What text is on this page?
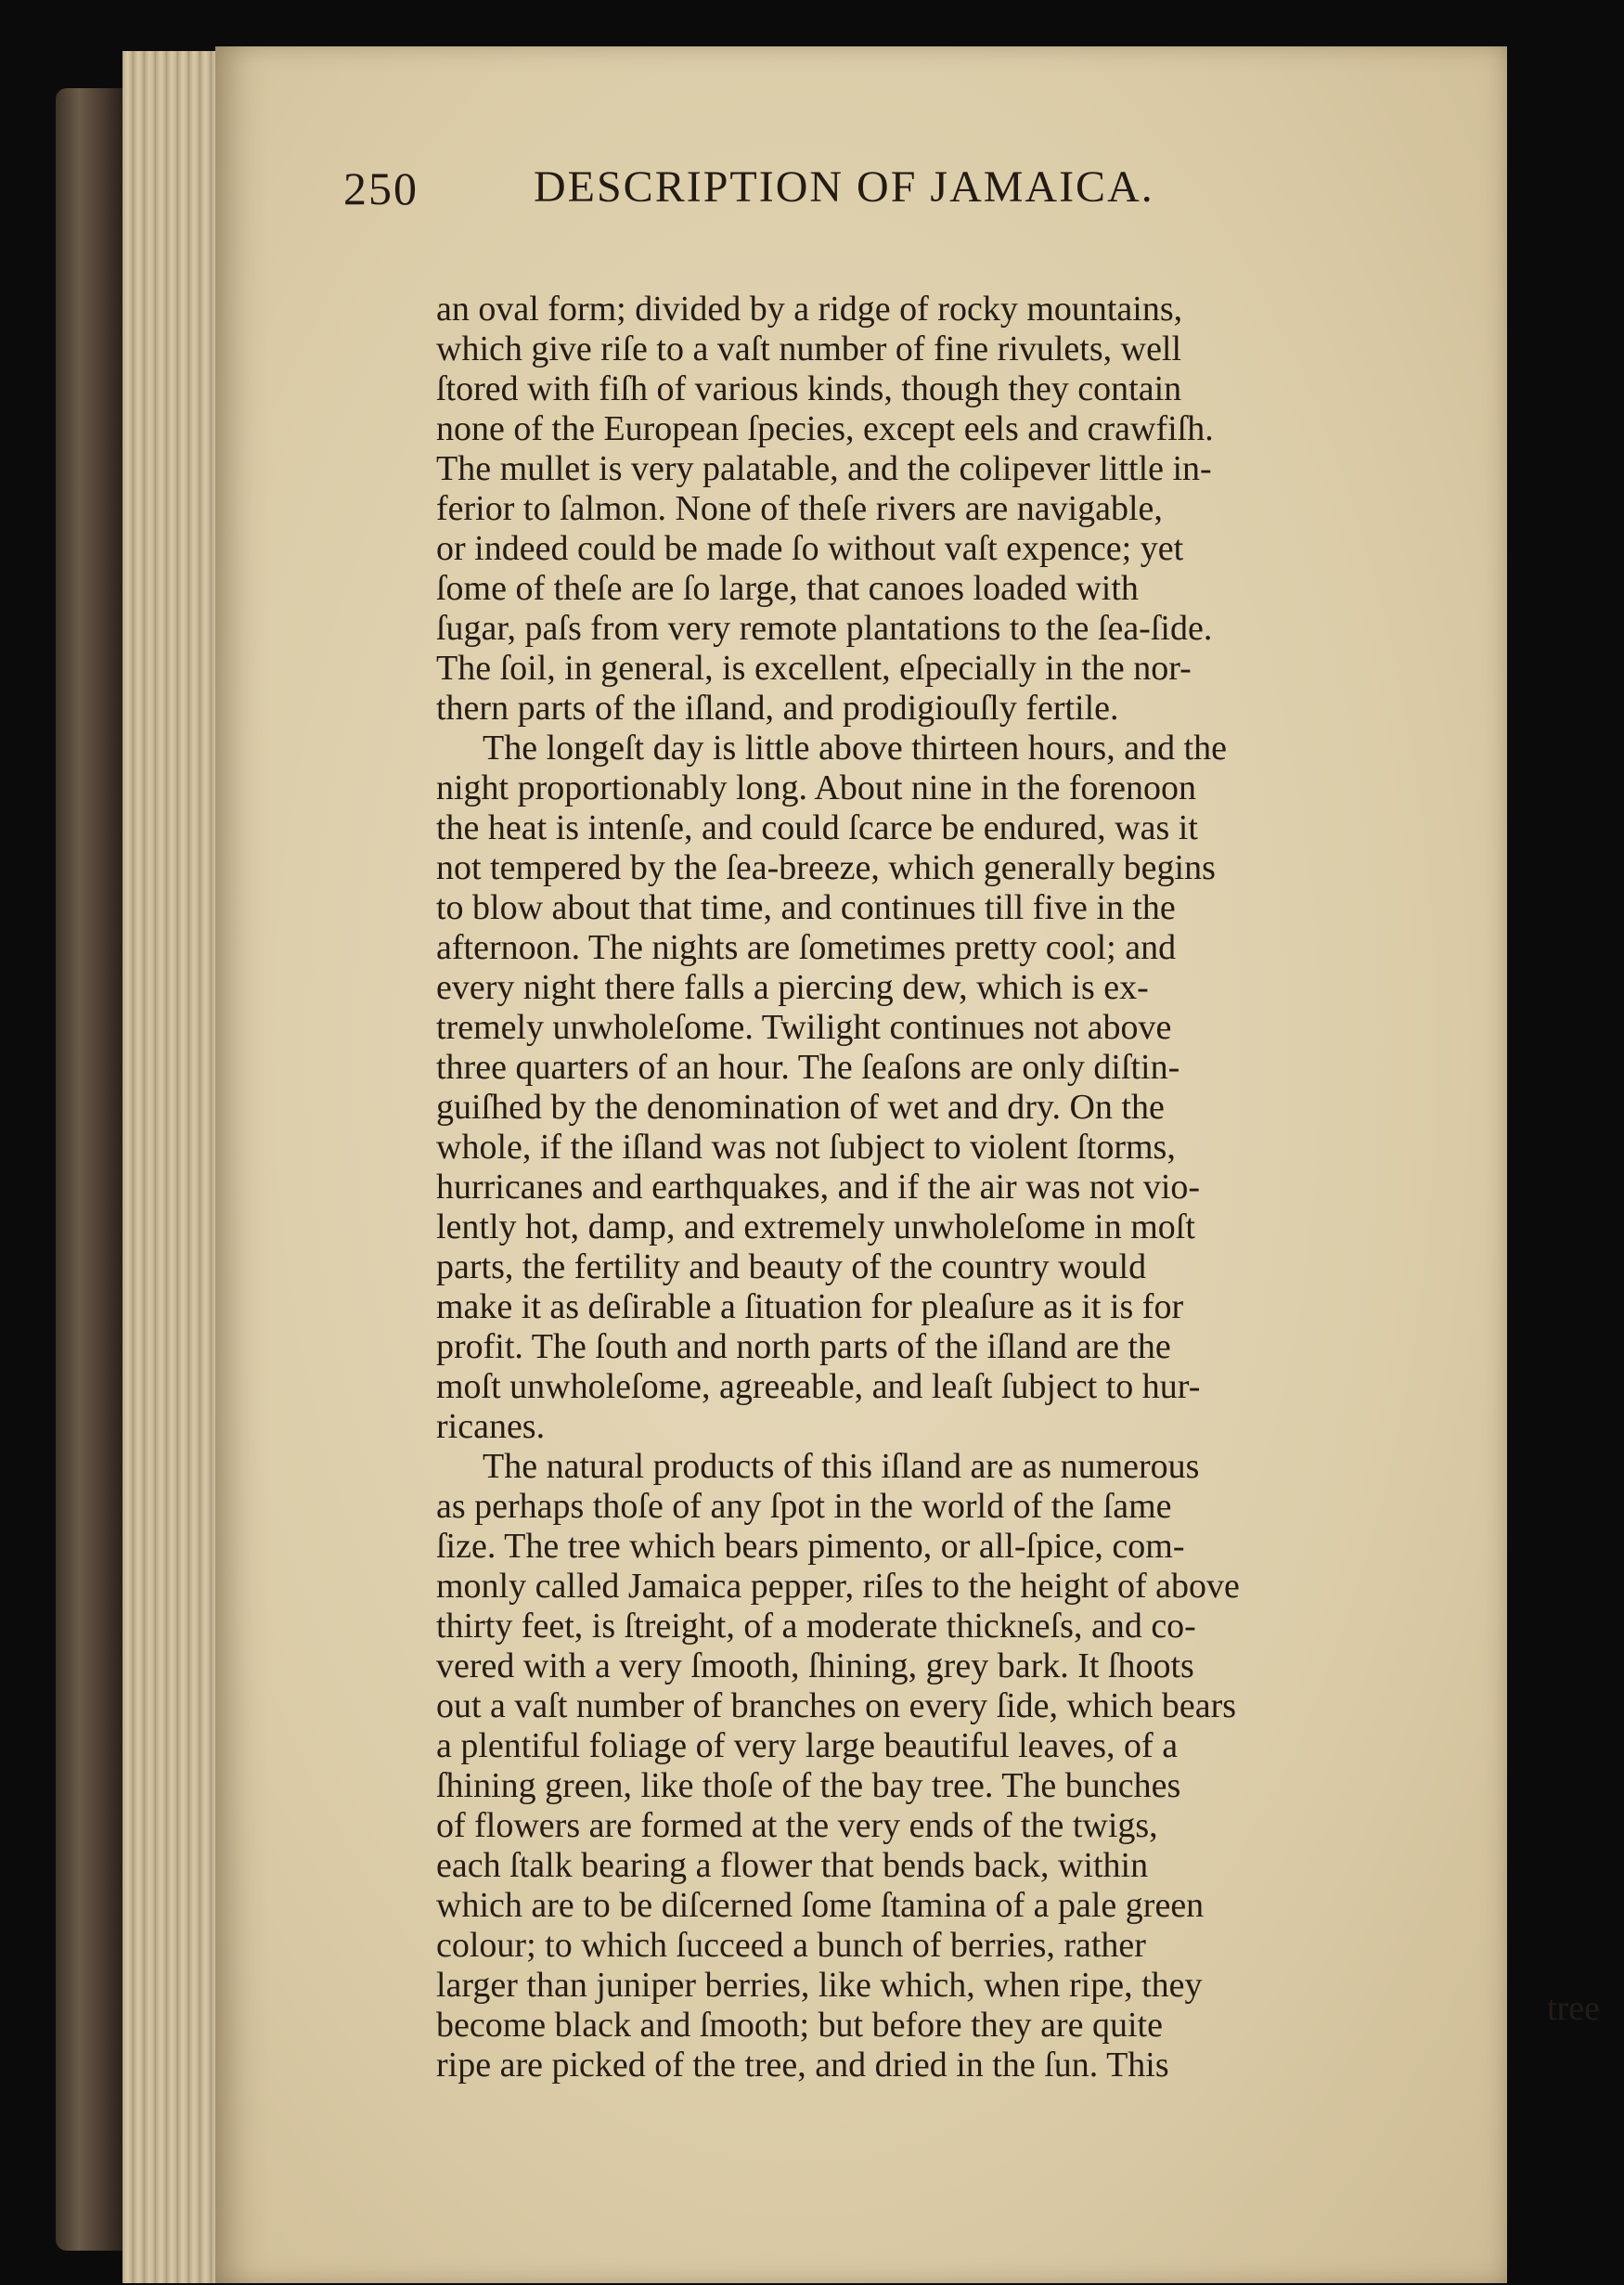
250	DESCRIPTION OF JAMAICA.

an oval form; divided by a ridge of rocky mountains,

which give riſe to a vaſt number of fine rivulets, well

ſtored with fiſh of various kinds, though they contain

none of the European ſpecies, except eels and crawfiſh.

The mullet is very palatable, and the colipever little in-

ferior to ſalmon. None of theſe rivers are navigable,

or indeed could be made ſo without vaſt expence; yet

ſome of theſe are ſo large, that canoes loaded with

ſugar, paſs from very remote plantations to the ſea-ſide.

The ſoil, in general, is excellent, eſpecially in the nor-

thern parts of the iſland, and prodigiouſly fertile.

The longeſt day is little above thirteen hours, and the

night proportionably long. About nine in the forenoon

the heat is intenſe, and could ſcarce be endured, was it

not tempered by the ſea-breeze, which generally begins

to blow about that time, and continues till five in the

afternoon. The nights are ſometimes pretty cool; and

every night there falls a piercing dew, which is ex-

tremely unwholeſome. Twilight continues not above

three quarters of an hour. The ſeaſons are only diſtin-

guiſhed by the denomination of wet and dry. On the

whole, if the iſland was not ſubject to violent ſtorms,

hurricanes and earthquakes, and if the air was not vio-

lently hot, damp, and extremely unwholeſome in moſt

parts, the fertility and beauty of the country would

make it as deſirable a ſituation for pleaſure as it is for

profit. The ſouth and north parts of the iſland are the

moſt unwholeſome, agreeable, and leaſt ſubject to hur-

ricanes.

The natural products of this iſland are as numerous

as perhaps thoſe of any ſpot in the world of the ſame

ſize. The tree which bears pimento, or all-ſpice, com-

monly called Jamaica pepper, riſes to the height of above

thirty feet, is ſtreight, of a moderate thickneſs, and co-

vered with a very ſmooth, ſhining, grey bark. It ſhoots

out a vaſt number of branches on every ſide, which bears

a plentiful foliage of very large beautiful leaves, of a

ſhining green, like thoſe of the bay tree. The bunches

of flowers are formed at the very ends of the twigs,

each ſtalk bearing a flower that bends back, within

which are to be diſcerned ſome ſtamina of a pale green

colour; to which ſucceed a bunch of berries, rather

larger than juniper berries, like which, when ripe, they

become black and ſmooth; but before they are quite

ripe are picked of the tree, and dried in the ſun. This

tree
